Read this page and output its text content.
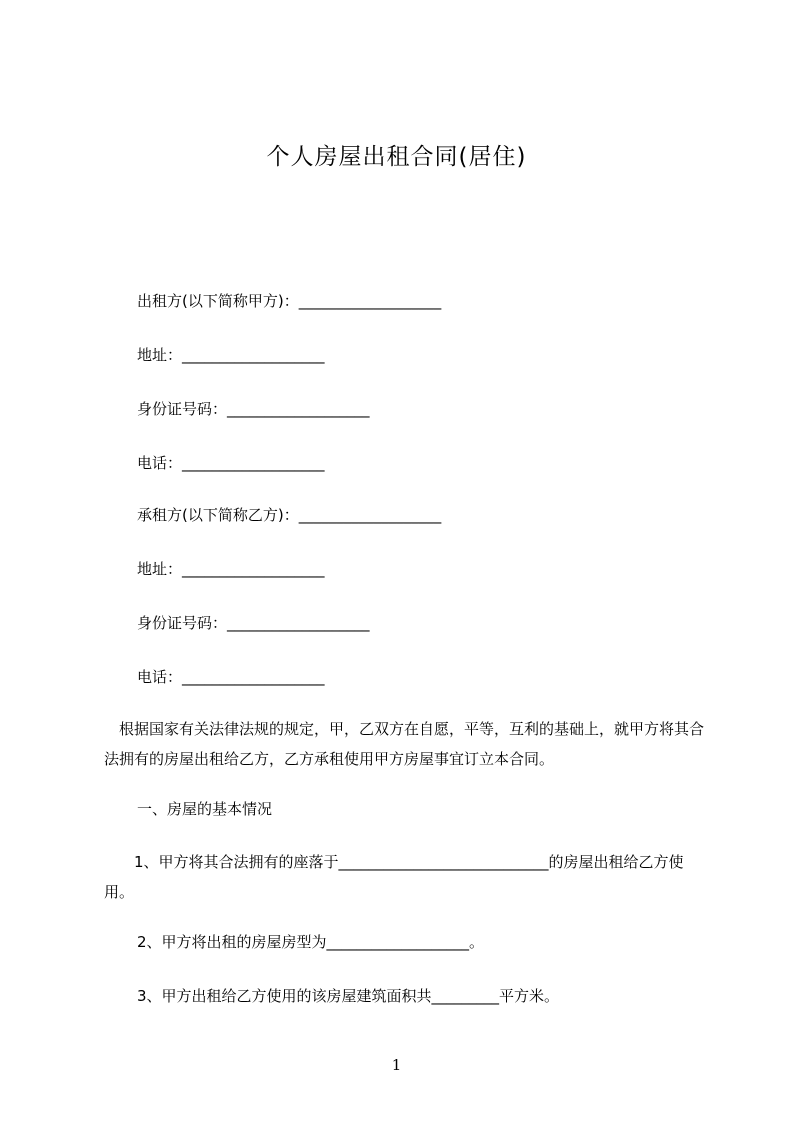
个人房屋出租合同(居住)
出租方(以下简称甲方)：___________________
地址：___________________
身份证号码：___________________
电话：___________________
承租方(以下简称乙方)：___________________
地址：___________________
身份证号码：___________________
电话：___________________
　根据国家有关法律法规的规定，甲，乙双方在自愿，平等，互利的基础上，就甲方将其合法拥有的房屋出租给乙方，乙方承租使用甲方房屋事宜订立本合同。
一、房屋的基本情况
　　1、甲方将其合法拥有的座落于____________________________的房屋出租给乙方使用。
2、甲方将出租的房屋房型为___________________。
3、甲方出租给乙方使用的该房屋建筑面积共_________平方米。
1
